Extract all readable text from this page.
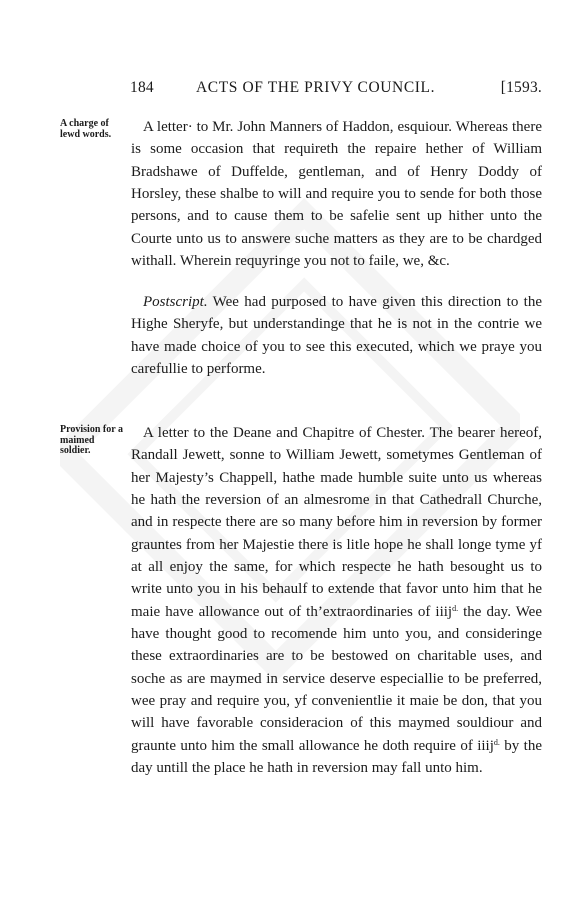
184	ACTS OF THE PRIVY COUNCIL.	[1593.
A charge of lewd words.	A letter· to Mr. John Manners of Haddon, esquiour. Whereas there is some occasion that requireth the repaire hether of William Bradshawe of Duffelde, gentleman, and of Henry Doddy of Horsley, these shalbe to will and require you to sende for both those persons, and to cause them to be safelie sent up hither unto the Courte unto us to answere suche matters as they are to be chardged withall. Wherein requyringe you not to faile, we, &c.

Postscript. Wee had purposed to have given this direction to the Highe Sheryfe, but understandinge that he is not in the contrie we have made choice of you to see this executed, which we praye you carefullie to performe.

Provision for a maimed soldier.

A letter to the Deane and Chapitre of Chester. The bearer hereof, Randall Jewett, sonne to William Jewett, sometymes Gentleman of her Majesty’s Chappell, hathe made humble suite unto us whereas he hath the reversion of an almesrome in that Cathedrall Churche, and in respecte there are so many before him in reversion by former grauntes from her Majestie there is litle hope he shall longe tyme yf at all enjoy the same, for which respecte he hath besought us to write unto you in his behaulf to extende that favor unto him that he maie have allowance out of th’extraordinaries of iiij$^{d.}$ the day. Wee have thought good to recomende him unto you, and consideringe these extraordinaries are to be bestowed on charitable uses, and soche as are maymed in service deserve especiallie to be preferred, wee pray and require you, yf convenientlie it maie be don, that you will have favorable consideracion of this maymed souldiour and graunte unto him the small allowance he doth require of iiij$^{d.}$ by the day untill the place he hath in reversion may fall unto him.
